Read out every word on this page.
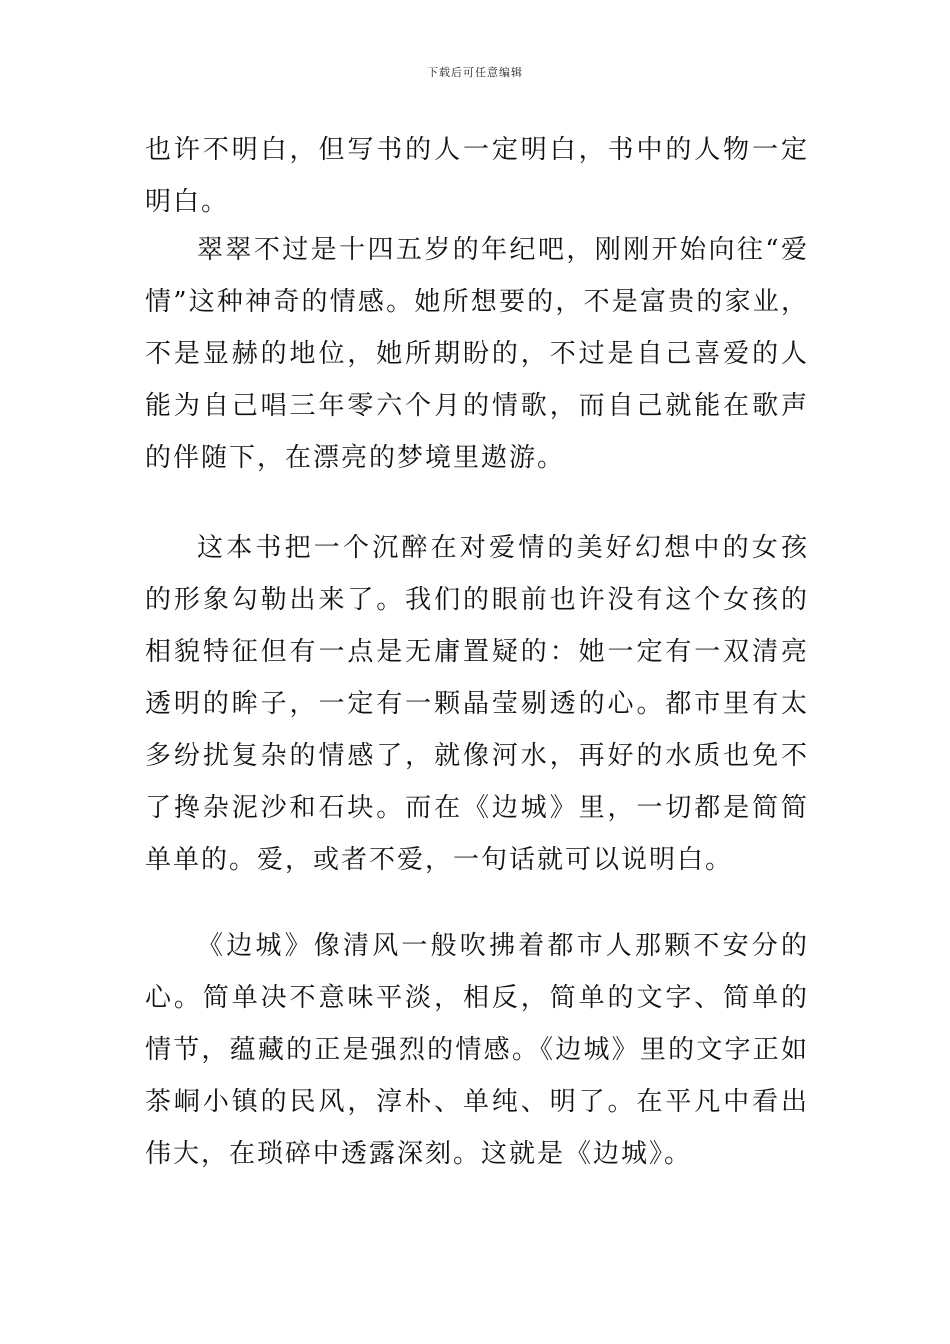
下载后可任意编辑

也许不明白，但写书的人一定明白，书中的人物一定明白。

翠翠不过是十四五岁的年纪吧，刚刚开始向往“爱情”这种神奇的情感。她所想要的，不是富贵的家业，不是显赫的地位，她所期盼的，不过是自己喜爱的人能为自己唱三年零六个月的情歌，而自己就能在歌声的伴随下，在漂亮的梦境里遨游。

这本书把一个沉醉在对爱情的美好幻想中的女孩的形象勾勒出来了。我们的眼前也许没有这个女孩的相貌特征但有一点是无庸置疑的：她一定有一双清亮透明的眸子，一定有一颗晶莹剔透的心。都市里有太多纷扰复杂的情感了，就像河水，再好的水质也免不了搀杂泥沙和石块。而在《边城》里，一切都是简简单单的。爱，或者不爱，一句话就可以说明白。

《边城》像清风一般吹拂着都市人那颗不安分的心。简单决不意味平淡，相反，简单的文字、简单的情节，蕴藏的正是强烈的情感。《边城》里的文字正如茶峒小镇的民风，淳朴、单纯、明了。在平凡中看出伟大，在琐碎中透露深刻。这就是《边城》。
